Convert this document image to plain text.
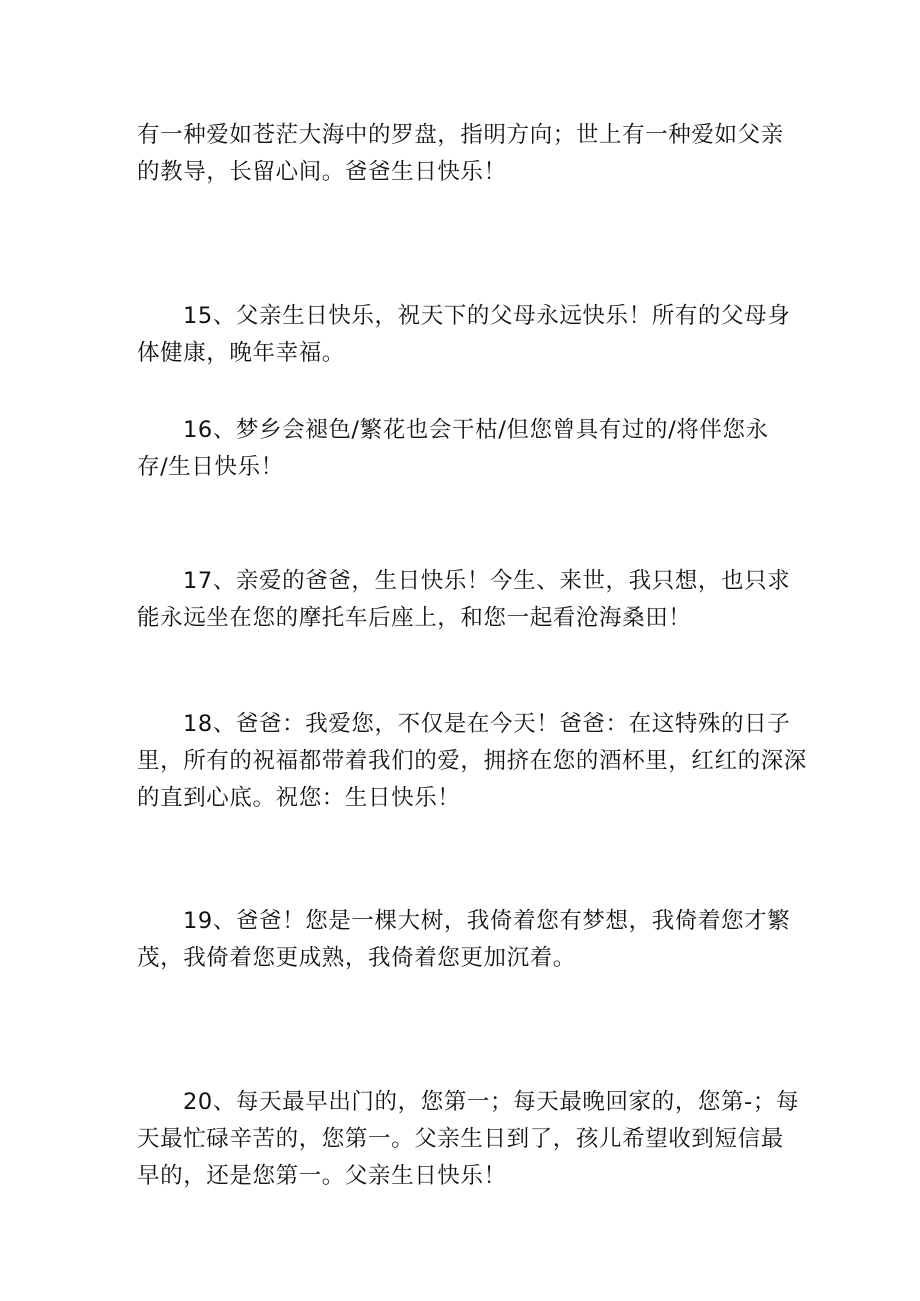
有一种爱如苍茫大海中的罗盘，指明方向；世上有一种爱如父亲
的教导，长留心间。爸爸生日快乐！

15、父亲生日快乐，祝天下的父母永远快乐！所有的父母身
体健康，晚年幸福。

16、梦乡会褪色/繁花也会干枯/但您曾具有过的/将伴您永
存/生日快乐！

17、亲爱的爸爸，生日快乐！今生、来世，我只想，也只求
能永远坐在您的摩托车后座上，和您一起看沧海桑田！

18、爸爸：我爱您，不仅是在今天！爸爸：在这特殊的日子
里，所有的祝福都带着我们的爱，拥挤在您的酒杯里，红红的深深
的直到心底。祝您：生日快乐！

19、爸爸！您是一棵大树，我倚着您有梦想，我倚着您才繁
茂，我倚着您更成熟，我倚着您更加沉着。

20、每天最早出门的，您第一；每天最晚回家的，您第-；每
天最忙碌辛苦的，您第一。父亲生日到了，孩儿希望收到短信最
早的，还是您第一。父亲生日快乐！
